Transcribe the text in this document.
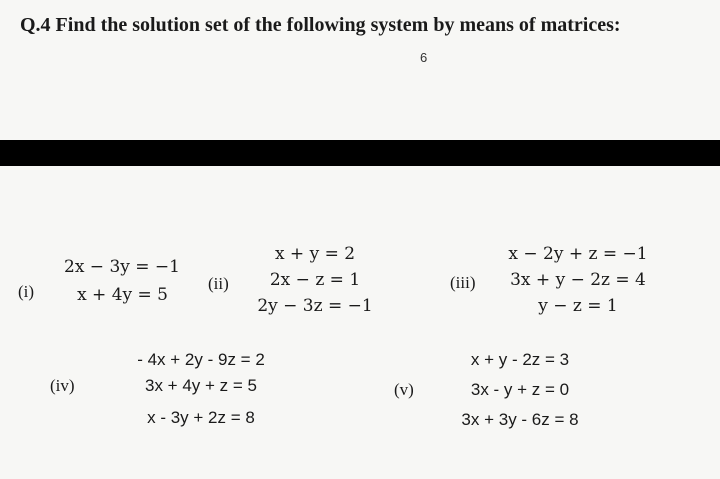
Q.4 Find the solution set of the following system by means of matrices:
6
(i)
2x − 3y = −1
x + 4y = 5
(ii)
x + y = 2
2x − z = 1
2y − 3z = −1
(iii)
x − 2y + z = −1
3x + y − 2z = 4
y − z = 1
(iv)
- 4x + 2y - 9z = 2
3x + 4y + z = 5
x - 3y + 2z = 8
(v)
x + y - 2z = 3
3x - y + z = 0
3x + 3y - 6z = 8
